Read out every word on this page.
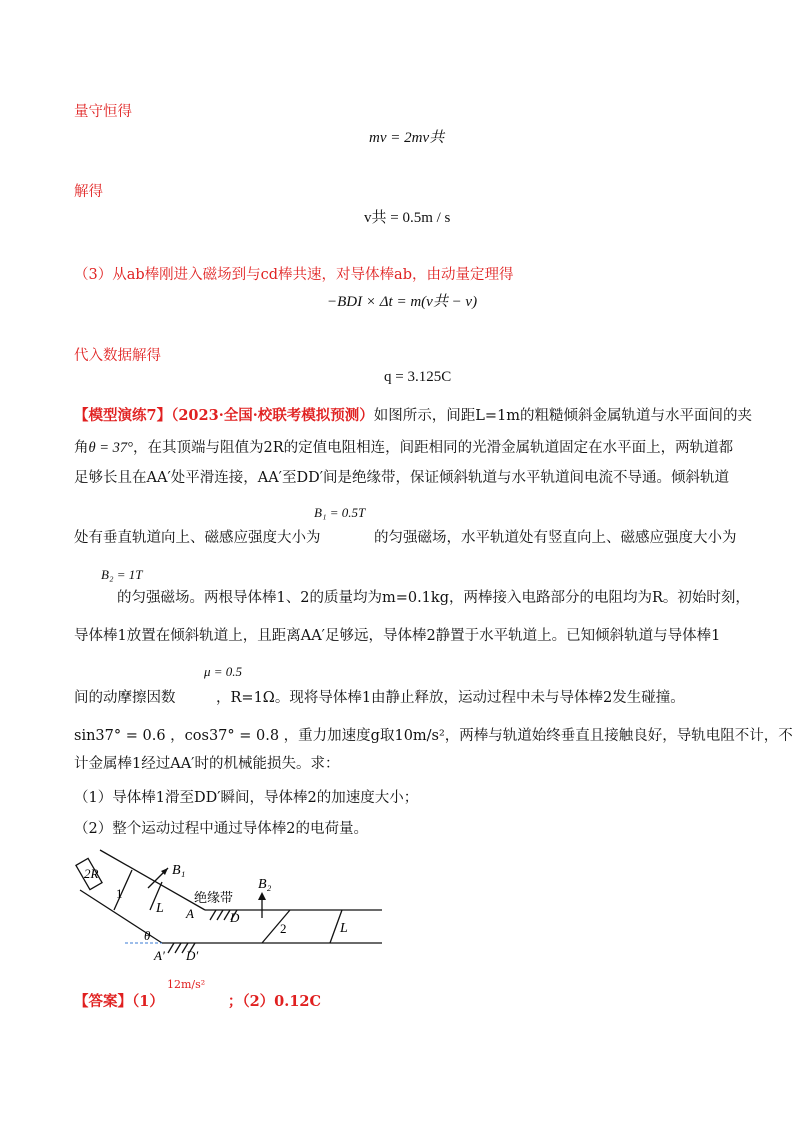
量守恒得
mv = 2mv共
解得
v共 = 0.5m / s
（3）从ab棒刚进入磁场到与cd棒共速，对导体棒ab，由动量定理得
−BDI × Δt = m(v共 − v)
代入数据解得
q = 3.125C
【模型演练7】（2023·全国·校联考模拟预测）如图所示，间距L=1m的粗糙倾斜金属轨道与水平面间的夹
角θ = 37°，在其顶端与阻值为2R的定值电阻相连，间距相同的光滑金属轨道固定在水平面上，两轨道都
足够长且在AA′处平滑连接，AA′至DD′间是绝缘带，保证倾斜轨道与水平轨道间电流不导通。倾斜轨道
B₁ = 0.5T
处有垂直轨道向上、磁感应强度大小为	的匀强磁场，水平轨道处有竖直向上、磁感应强度大小为
B₂ = 1T
的匀强磁场。两根导体棒1、2的质量均为m=0.1kg，两棒接入电路部分的电阻均为R。初始时刻，
导体棒1放置在倾斜轨道上，且距离AA′足够远，导体棒2静置于水平轨道上。已知倾斜轨道与导体棒1
μ = 0.5
间的动摩擦因数	，R=1Ω。现将导体棒1由静止释放，运动过程中未与导体棒2发生碰撞。
sin37° = 0.6 ，cos37° = 0.8 ，重力加速度g取10m/s²，两棒与轨道始终垂直且接触良好，导轨电阻不计，不
计金属棒1经过AA′时的机械能损失。求：
（1）导体棒1滑至DD′瞬间，导体棒2的加速度大小；
（2）整个运动过程中通过导体棒2的电荷量。
2R
1
2
B₁
B₂
绝缘带
L
L
A	D
A′ D′
θ
【答案】（1）	；（2）0.12C
12m/s²
